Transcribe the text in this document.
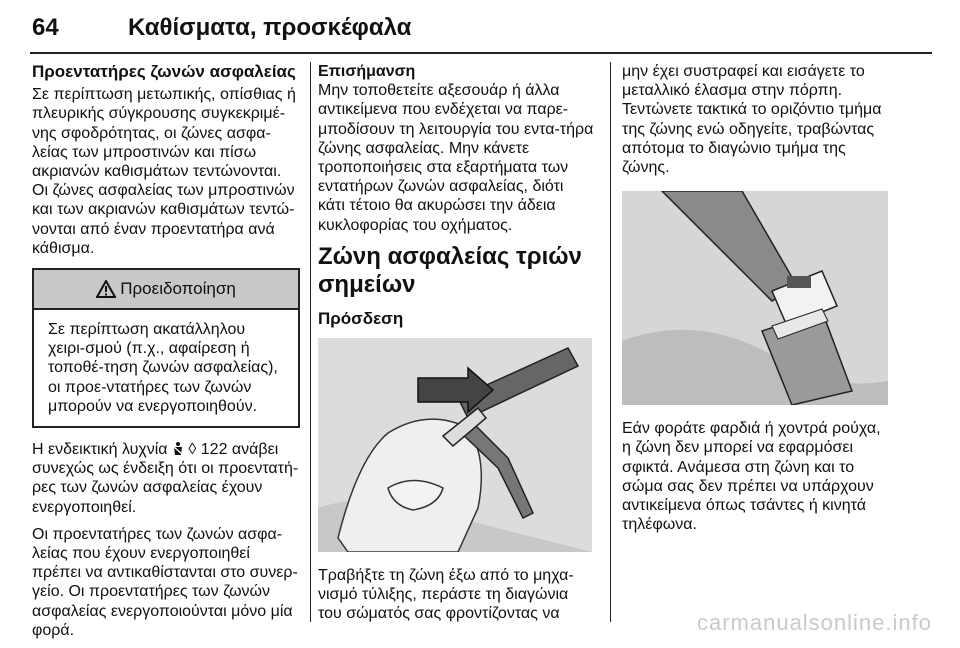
64	Καθίσματα, προσκέφαλα
Προεντατήρες ζωνών ασφαλείας

Σε περίπτωση μετωπικής, οπίσθιας ή πλευρικής σύγκρουσης συγκεκριμέ-νης σφοδρότητας, οι ζώνες ασφα-λείας των μπροστινών και πίσω ακριανών καθισμάτων τεντώνονται. Οι ζώνες ασφαλείας των μπροστινών και των ακριανών καθισμάτων τεντώ-νονται από έναν προεντατήρα ανά κάθισμα.

Προειδοποίηση
Σε περίπτωση ακατάλληλου χειρι-σμού (π.χ., αφαίρεση ή τοποθέ-τηση ζωνών ασφαλείας), οι προε-ντατήρες των ζωνών μπορούν να ενεργοποιηθούν.

Η ενδεικτική λυχνία  ◊ 122 ανάβει συνεχώς ως ένδειξη ότι οι προεντατή-ρες των ζωνών ασφαλείας έχουν ενεργοποιηθεί.

Οι προεντατήρες των ζωνών ασφα-λείας που έχουν ενεργοποιηθεί πρέπει να αντικαθίστανται στο συνερ-γείο. Οι προεντατήρες των ζωνών ασφαλείας ενεργοποιούνται μόνο μία φορά.

Επισήμανση

Μην τοποθετείτε αξεσουάρ ή άλλα αντικείμενα που ενδέχεται να παρε-μποδίσουν τη λειτουργία του εντα-τήρα ζώνης ασφαλείας. Μην κάνετε τροποποιήσεις στα εξαρτήματα των εντατήρων ζωνών ασφαλείας, διότι κάτι τέτοιο θα ακυρώσει την άδεια κυκλοφορίας του οχήματος.

Ζώνη ασφαλείας τριών σημείων
Πρόσδεση

Τραβήξτε τη ζώνη έξω από το μηχα-νισμό τύλιξης, περάστε τη διαγώνια του σώματός σας φροντίζοντας να

μην έχει συστραφεί και εισάγετε το μεταλλικό έλασμα στην πόρπη. Τεντώνετε τακτικά το οριζόντιο τμήμα της ζώνης ενώ οδηγείτε, τραβώντας απότομα το διαγώνιο τμήμα της ζώνης.

Εάν φοράτε φαρδιά ή χοντρά ρούχα, η ζώνη δεν μπορεί να εφαρμόσει σφικτά. Ανάμεσα στη ζώνη και το σώμα σας δεν πρέπει να υπάρχουν αντικείμενα όπως τσάντες ή κινητά τηλέφωνα.

carmanualsonline.info
